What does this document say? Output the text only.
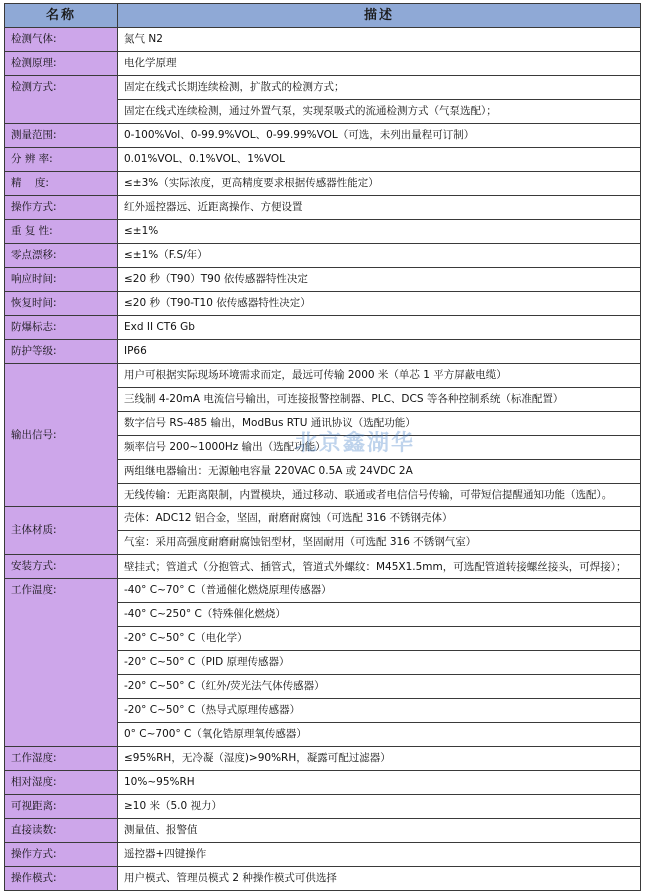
名称	描述
检测气体:	氮气 N2
检测原理:	电化学原理
检测方式:	固定在线式长期连续检测，扩散式的检测方式；
	固定在线式连续检测，通过外置气泵，实现泵吸式的流通检测方式（气泵选配）；
测量范围:	0-100%Vol、0-99.9%VOL、0-99.99%VOL（可选，未列出量程可订制）
分 辨 率:	0.01%VOL、0.1%VOL、1%VOL
精    度:	≤±3%（实际浓度，更高精度要求根据传感器性能定）
操作方式:	红外遥控器远、近距离操作、方便设置
重 复 性:	≤±1%
零点漂移:	≤±1%（F.S/年）
响应时间:	≤20 秒（T90）T90 依传感器特性决定
恢复时间:	≤20 秒（T90-T10 依传感器特性决定）
防爆标志:	Exd II CT6 Gb
防护等级:	IP66
输出信号:	用户可根据实际现场环境需求而定，最远可传输 2000 米（单芯 1 平方屏蔽电缆）
	三线制 4-20mA 电流信号输出，可连接报警控制器、PLC、DCS 等各种控制系统（标准配置）
	数字信号 RS-485 输出，ModBus RTU 通讯协议（选配功能）
	频率信号 200~1000Hz 输出（选配功能）
	两组继电器输出：无源触电容量 220VAC 0.5A 或 24VDC 2A
	无线传输：无距离限制，内置模块，通过移动、联通或者电信信号传输，可带短信提醒通知功能（选配）。
主体材质:	壳体：ADC12 铝合金，坚固，耐磨耐腐蚀（可选配 316 不锈钢壳体）
	气室：采用高强度耐磨耐腐蚀铝型材，坚固耐用（可选配 316 不锈钢气室）
安装方式:	壁挂式；管道式（分抱管式、插管式，管道式外螺纹：M45X1.5mm，可选配管道转接螺丝接头，可焊接）；
工作温度:	-40° C~70° C（普通催化燃烧原理传感器）
	-40° C~250° C（特殊催化燃烧）
	-20° C~50° C（电化学）
	-20° C~50° C（PID 原理传感器）
	-20° C~50° C（红外/荧光法气体传感器）
	-20° C~50° C（热导式原理传感器）
	0° C~700° C（氧化锆原理氧传感器）
工作湿度:	≤95%RH，无冷凝（湿度)>90%RH，凝露可配过滤器）
相对湿度:	10%~95%RH
可视距离:	≥10 米（5.0 视力）
直接读数:	测量值、报警值
操作方式:	遥控器+四键操作
操作模式:	用户模式、管理员模式 2 种操作模式可供选择
北京鑫湖华
